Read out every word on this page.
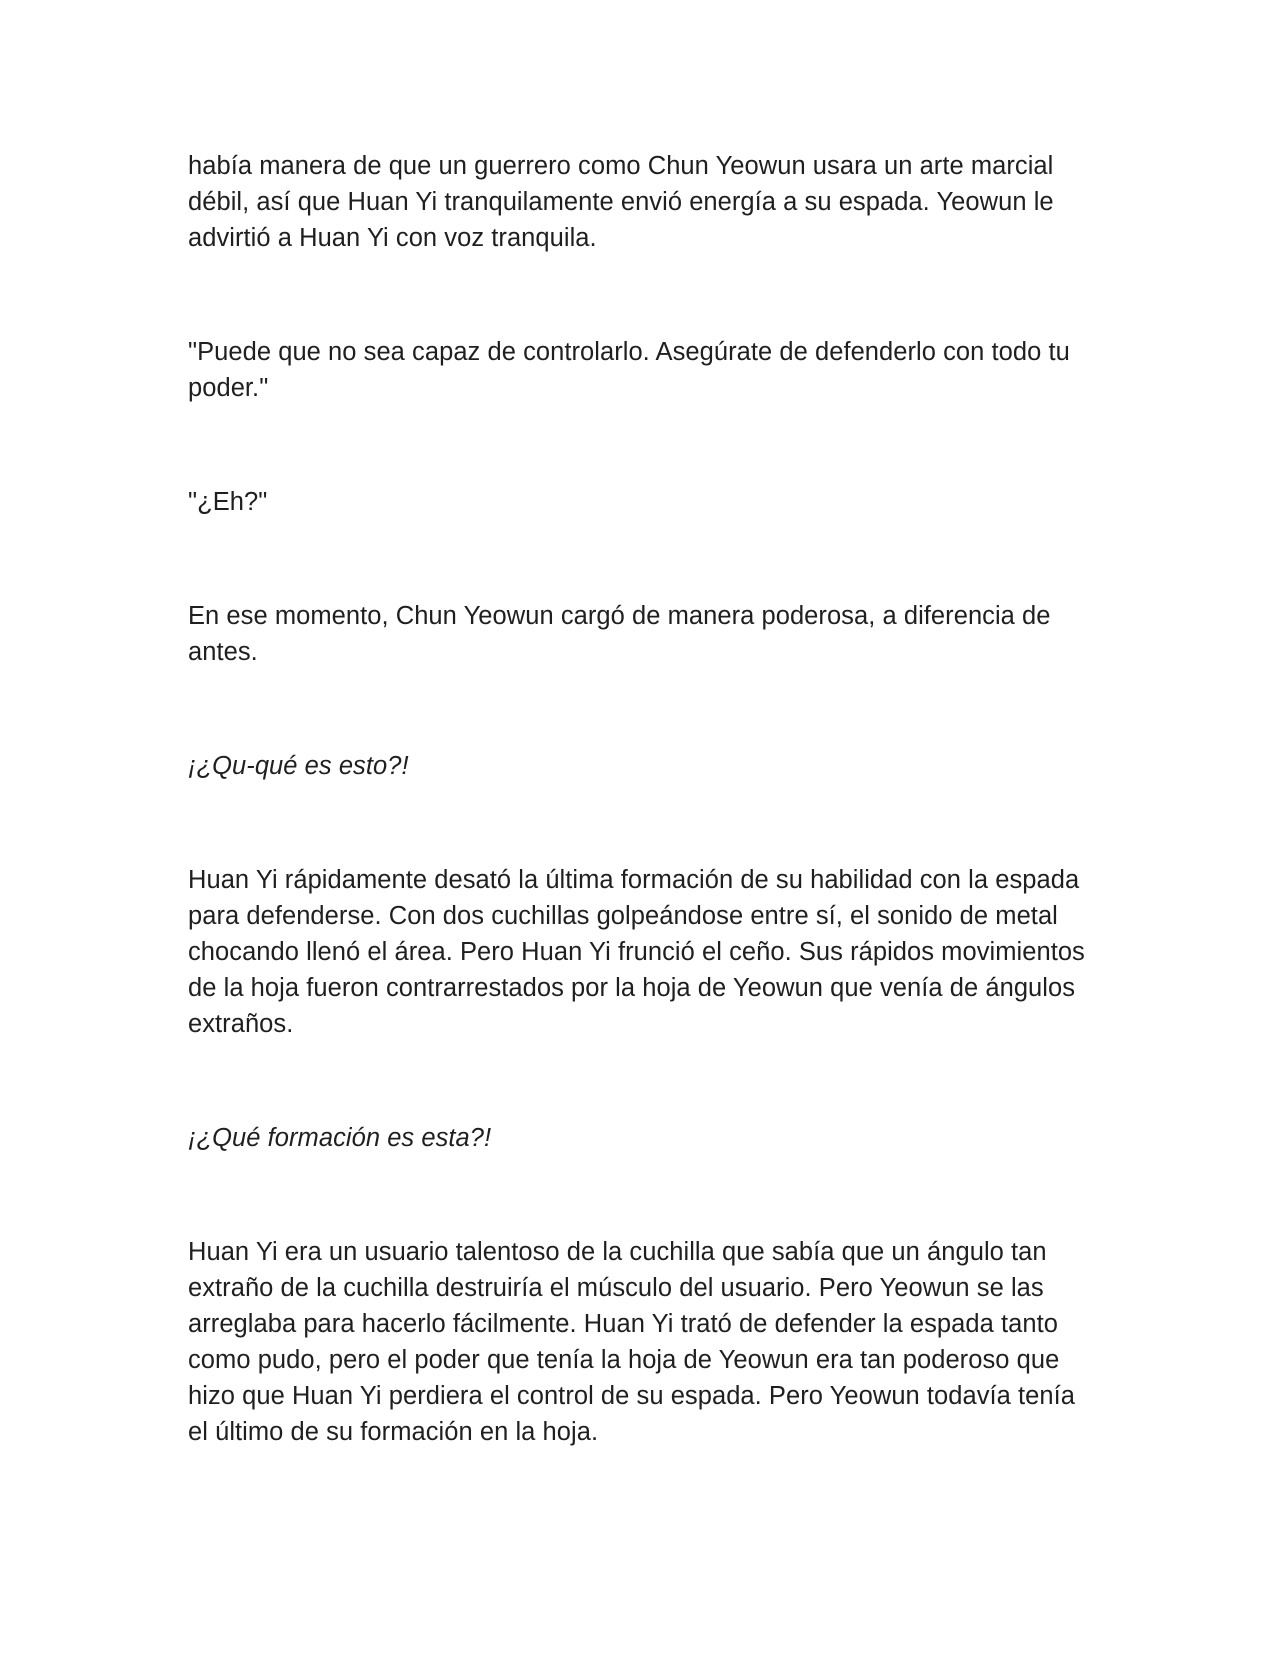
había manera de que un guerrero como Chun Yeowun usara un arte marcial débil, así que Huan Yi tranquilamente envió energía a su espada. Yeowun le advirtió a Huan Yi con voz tranquila.

"Puede que no sea capaz de controlarlo. Asegúrate de defenderlo con todo tu poder."

"¿Eh?"

En ese momento, Chun Yeowun cargó de manera poderosa, a diferencia de antes.

¡¿Qu-qué es esto?!

Huan Yi rápidamente desató la última formación de su habilidad con la espada para defenderse. Con dos cuchillas golpeándose entre sí, el sonido de metal chocando llenó el área. Pero Huan Yi frunció el ceño. Sus rápidos movimientos de la hoja fueron contrarrestados por la hoja de Yeowun que venía de ángulos extraños.

¡¿Qué formación es esta?!

Huan Yi era un usuario talentoso de la cuchilla que sabía que un ángulo tan extraño de la cuchilla destruiría el músculo del usuario. Pero Yeowun se las arreglaba para hacerlo fácilmente. Huan Yi trató de defender la espada tanto como pudo, pero el poder que tenía la hoja de Yeowun era tan poderoso que hizo que Huan Yi perdiera el control de su espada. Pero Yeowun todavía tenía el último de su formación en la hoja.
